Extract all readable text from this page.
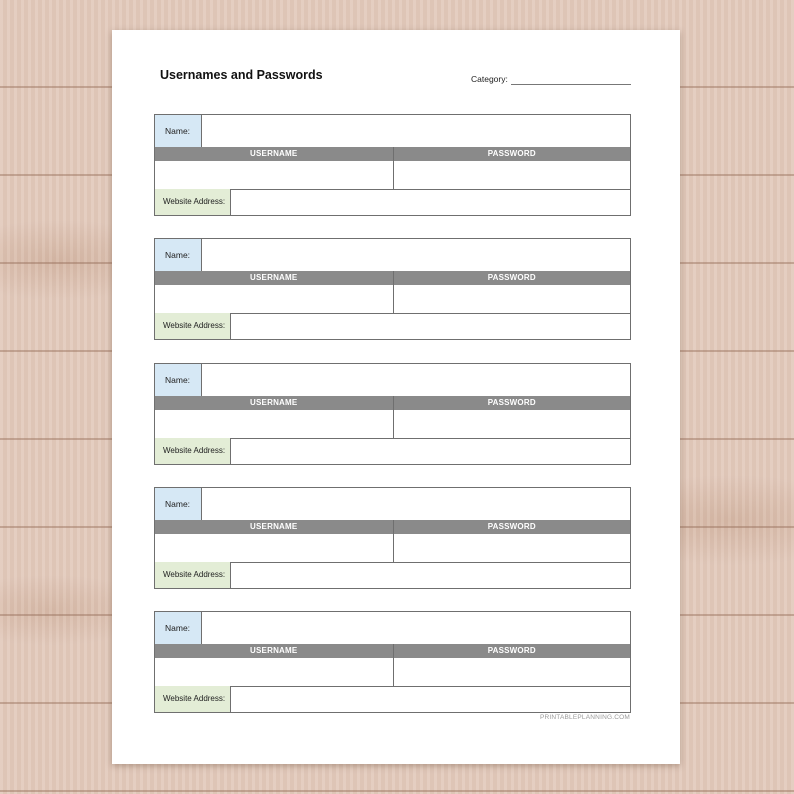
Usernames and Passwords	Category:
Name:
USERNAME	PASSWORD
Website Address:
Name:
USERNAME	PASSWORD
Website Address:
Name:
USERNAME	PASSWORD
Website Address:
Name:
USERNAME	PASSWORD
Website Address:
Name:
USERNAME	PASSWORD
Website Address:
PRINTABLEPLANNING.COM
